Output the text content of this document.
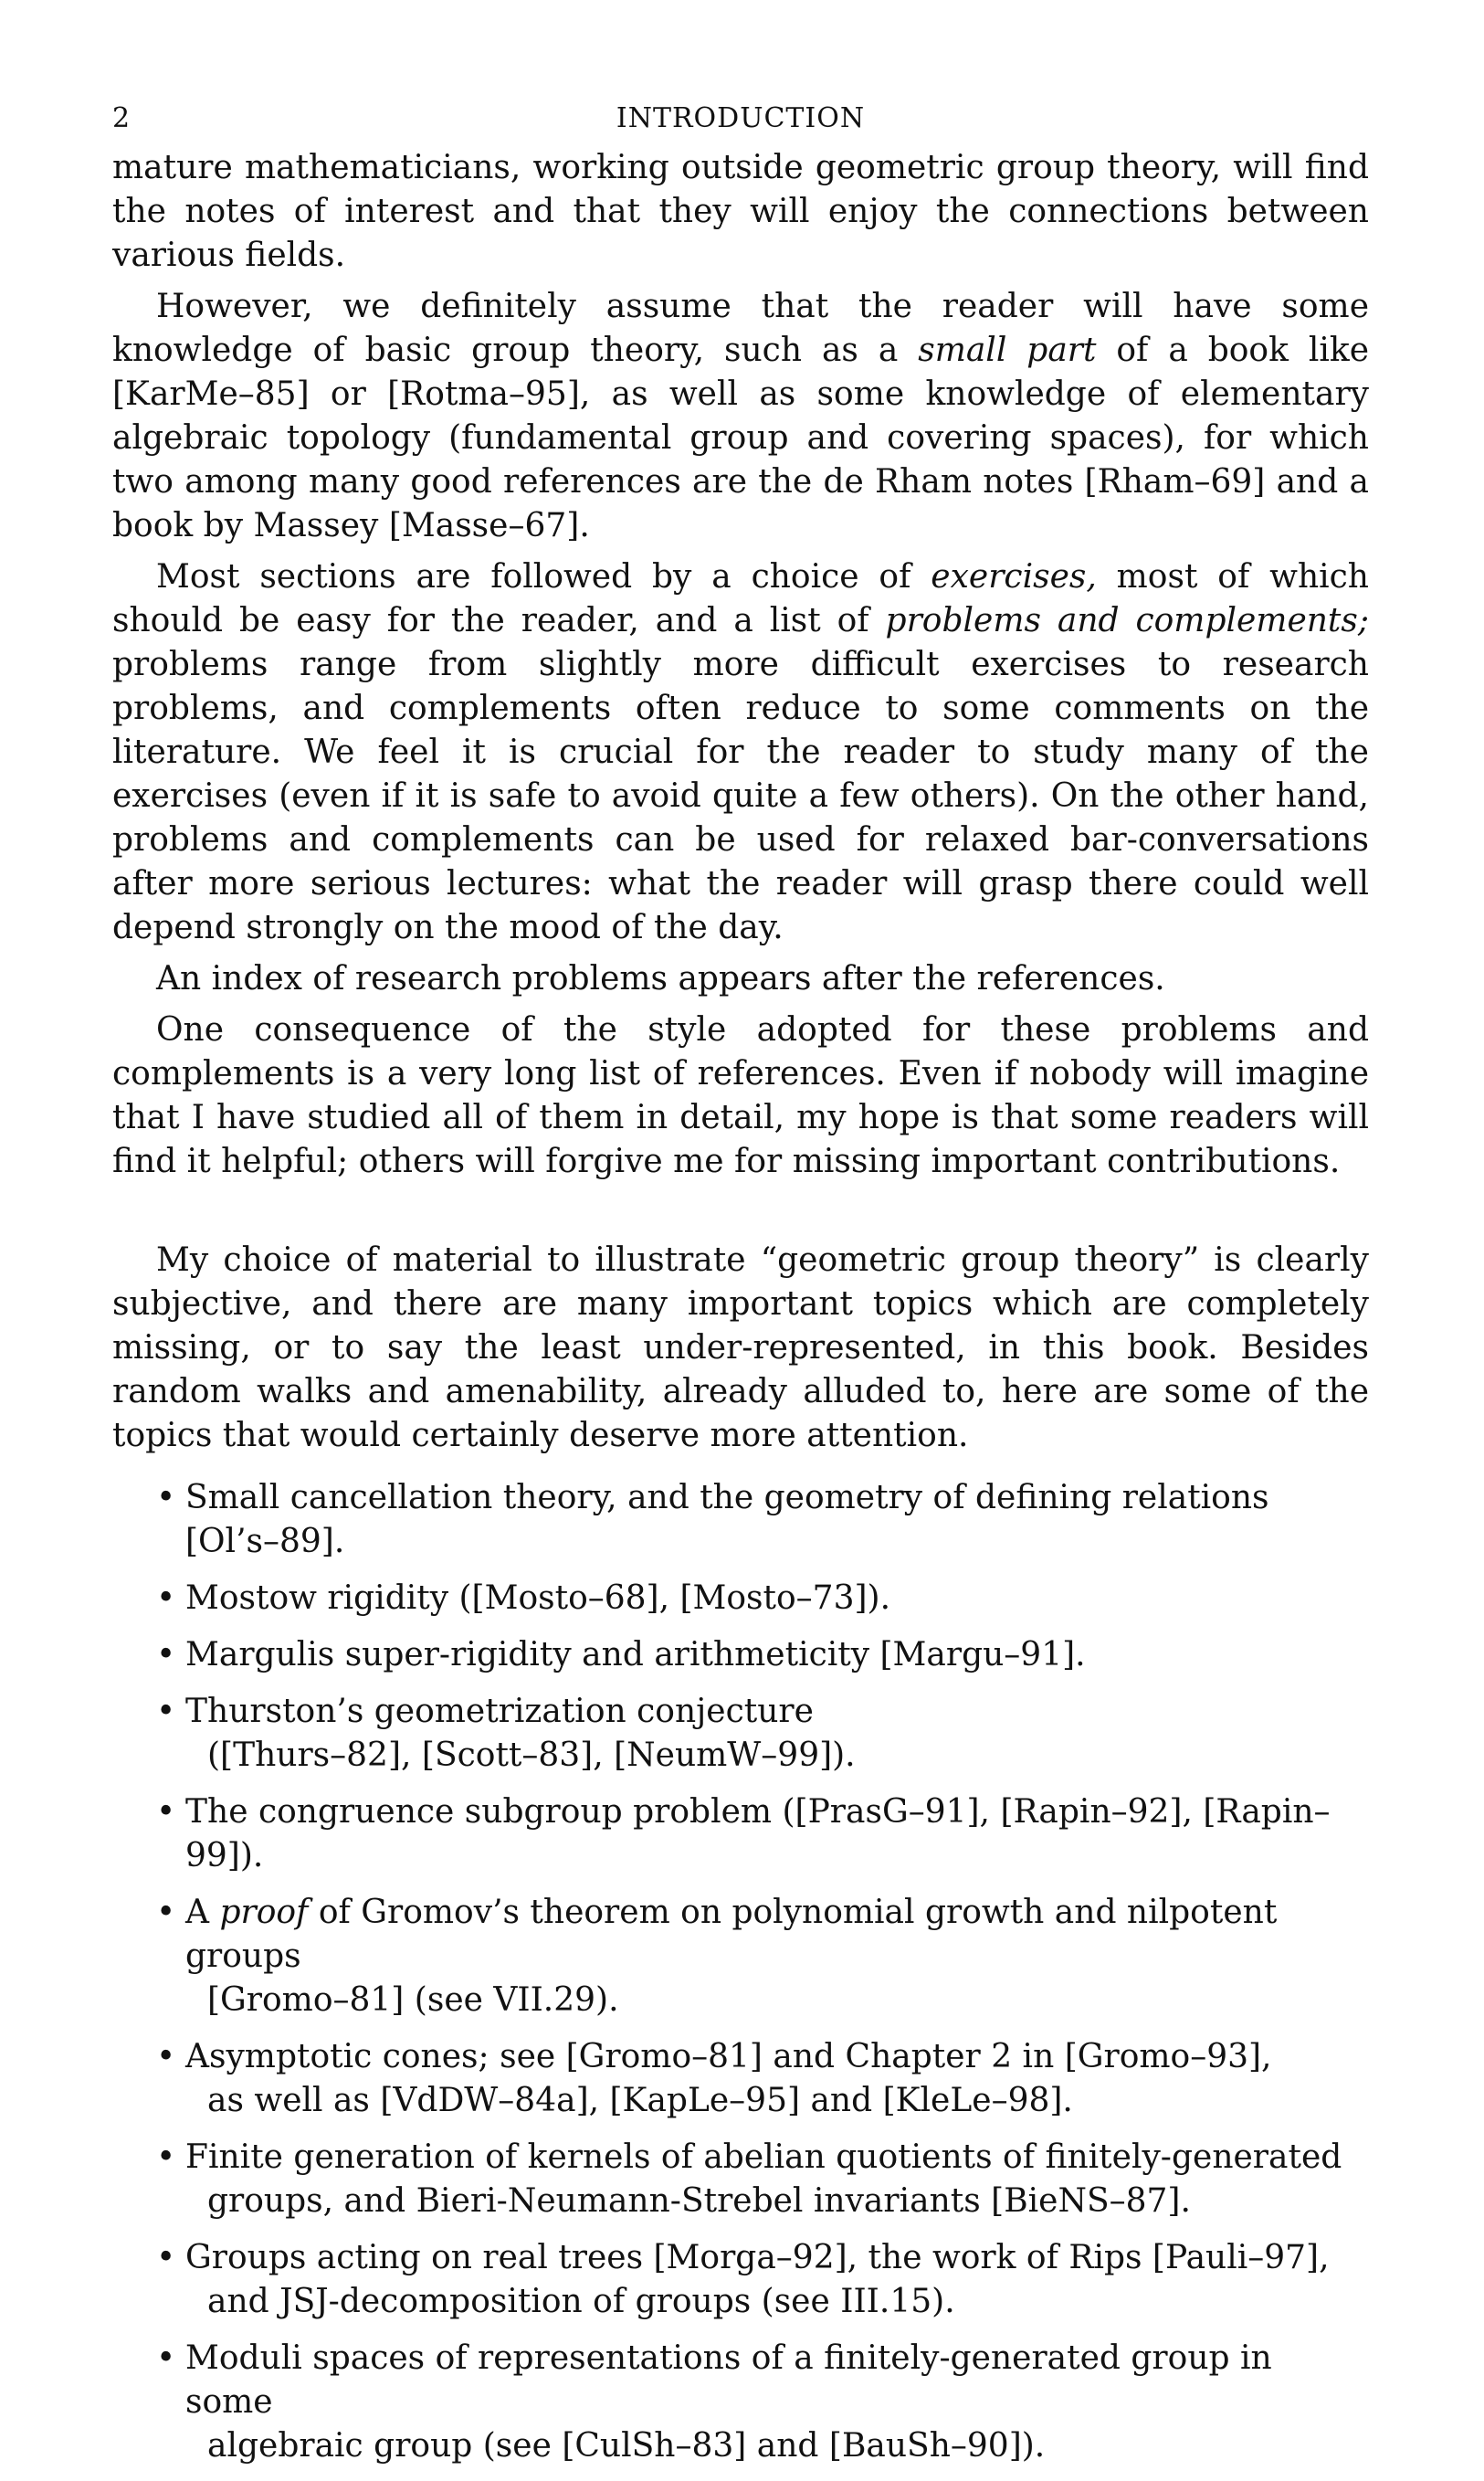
2	INTRODUCTION

mature mathematicians, working outside geometric group theory, will find the notes of interest and that they will enjoy the connections between various fields.

However, we definitely assume that the reader will have some knowledge of basic group theory, such as a small part of a book like [KarMe–85] or [Rotma–95], as well as some knowledge of elementary algebraic topology (fundamental group and covering spaces), for which two among many good references are the de Rham notes [Rham–69] and a book by Massey [Masse–67].

Most sections are followed by a choice of exercises, most of which should be easy for the reader, and a list of problems and complements; problems range from slightly more difficult exercises to research problems, and complements often reduce to some comments on the literature. We feel it is crucial for the reader to study many of the exercises (even if it is safe to avoid quite a few others). On the other hand, problems and complements can be used for relaxed bar-conversations after more serious lectures: what the reader will grasp there could well depend strongly on the mood of the day.

An index of research problems appears after the references.

One consequence of the style adopted for these problems and complements is a very long list of references. Even if nobody will imagine that I have studied all of them in detail, my hope is that some readers will find it helpful; others will forgive me for missing important contributions.

My choice of material to illustrate “geometric group theory” is clearly subjective, and there are many important topics which are completely missing, or to say the least under-represented, in this book. Besides random walks and amenability, already alluded to, here are some of the topics that would certainly deserve more attention.

• Small cancellation theory, and the geometry of defining relations [Ol’s–89].
• Mostow rigidity ([Mosto–68], [Mosto–73]).
• Margulis super-rigidity and arithmeticity [Margu–91].
• Thurston’s geometrization conjecture
([Thurs–82], [Scott–83], [NeumW–99]).
• The congruence subgroup problem ([PrasG–91], [Rapin–92], [Rapin–99]).
• A proof of Gromov’s theorem on polynomial growth and nilpotent groups
[Gromo–81] (see VII.29).
• Asymptotic cones; see [Gromo–81] and Chapter 2 in [Gromo–93],
as well as [VdDW–84a], [KapLe–95] and [KleLe–98].
• Finite generation of kernels of abelian quotients of finitely-generated
groups, and Bieri-Neumann-Strebel invariants [BieNS–87].
• Groups acting on real trees [Morga–92], the work of Rips [Pauli–97],
and JSJ-decomposition of groups (see III.15).
• Moduli spaces of representations of a finitely-generated group in some
algebraic group (see [CulSh–83] and [BauSh–90]).
